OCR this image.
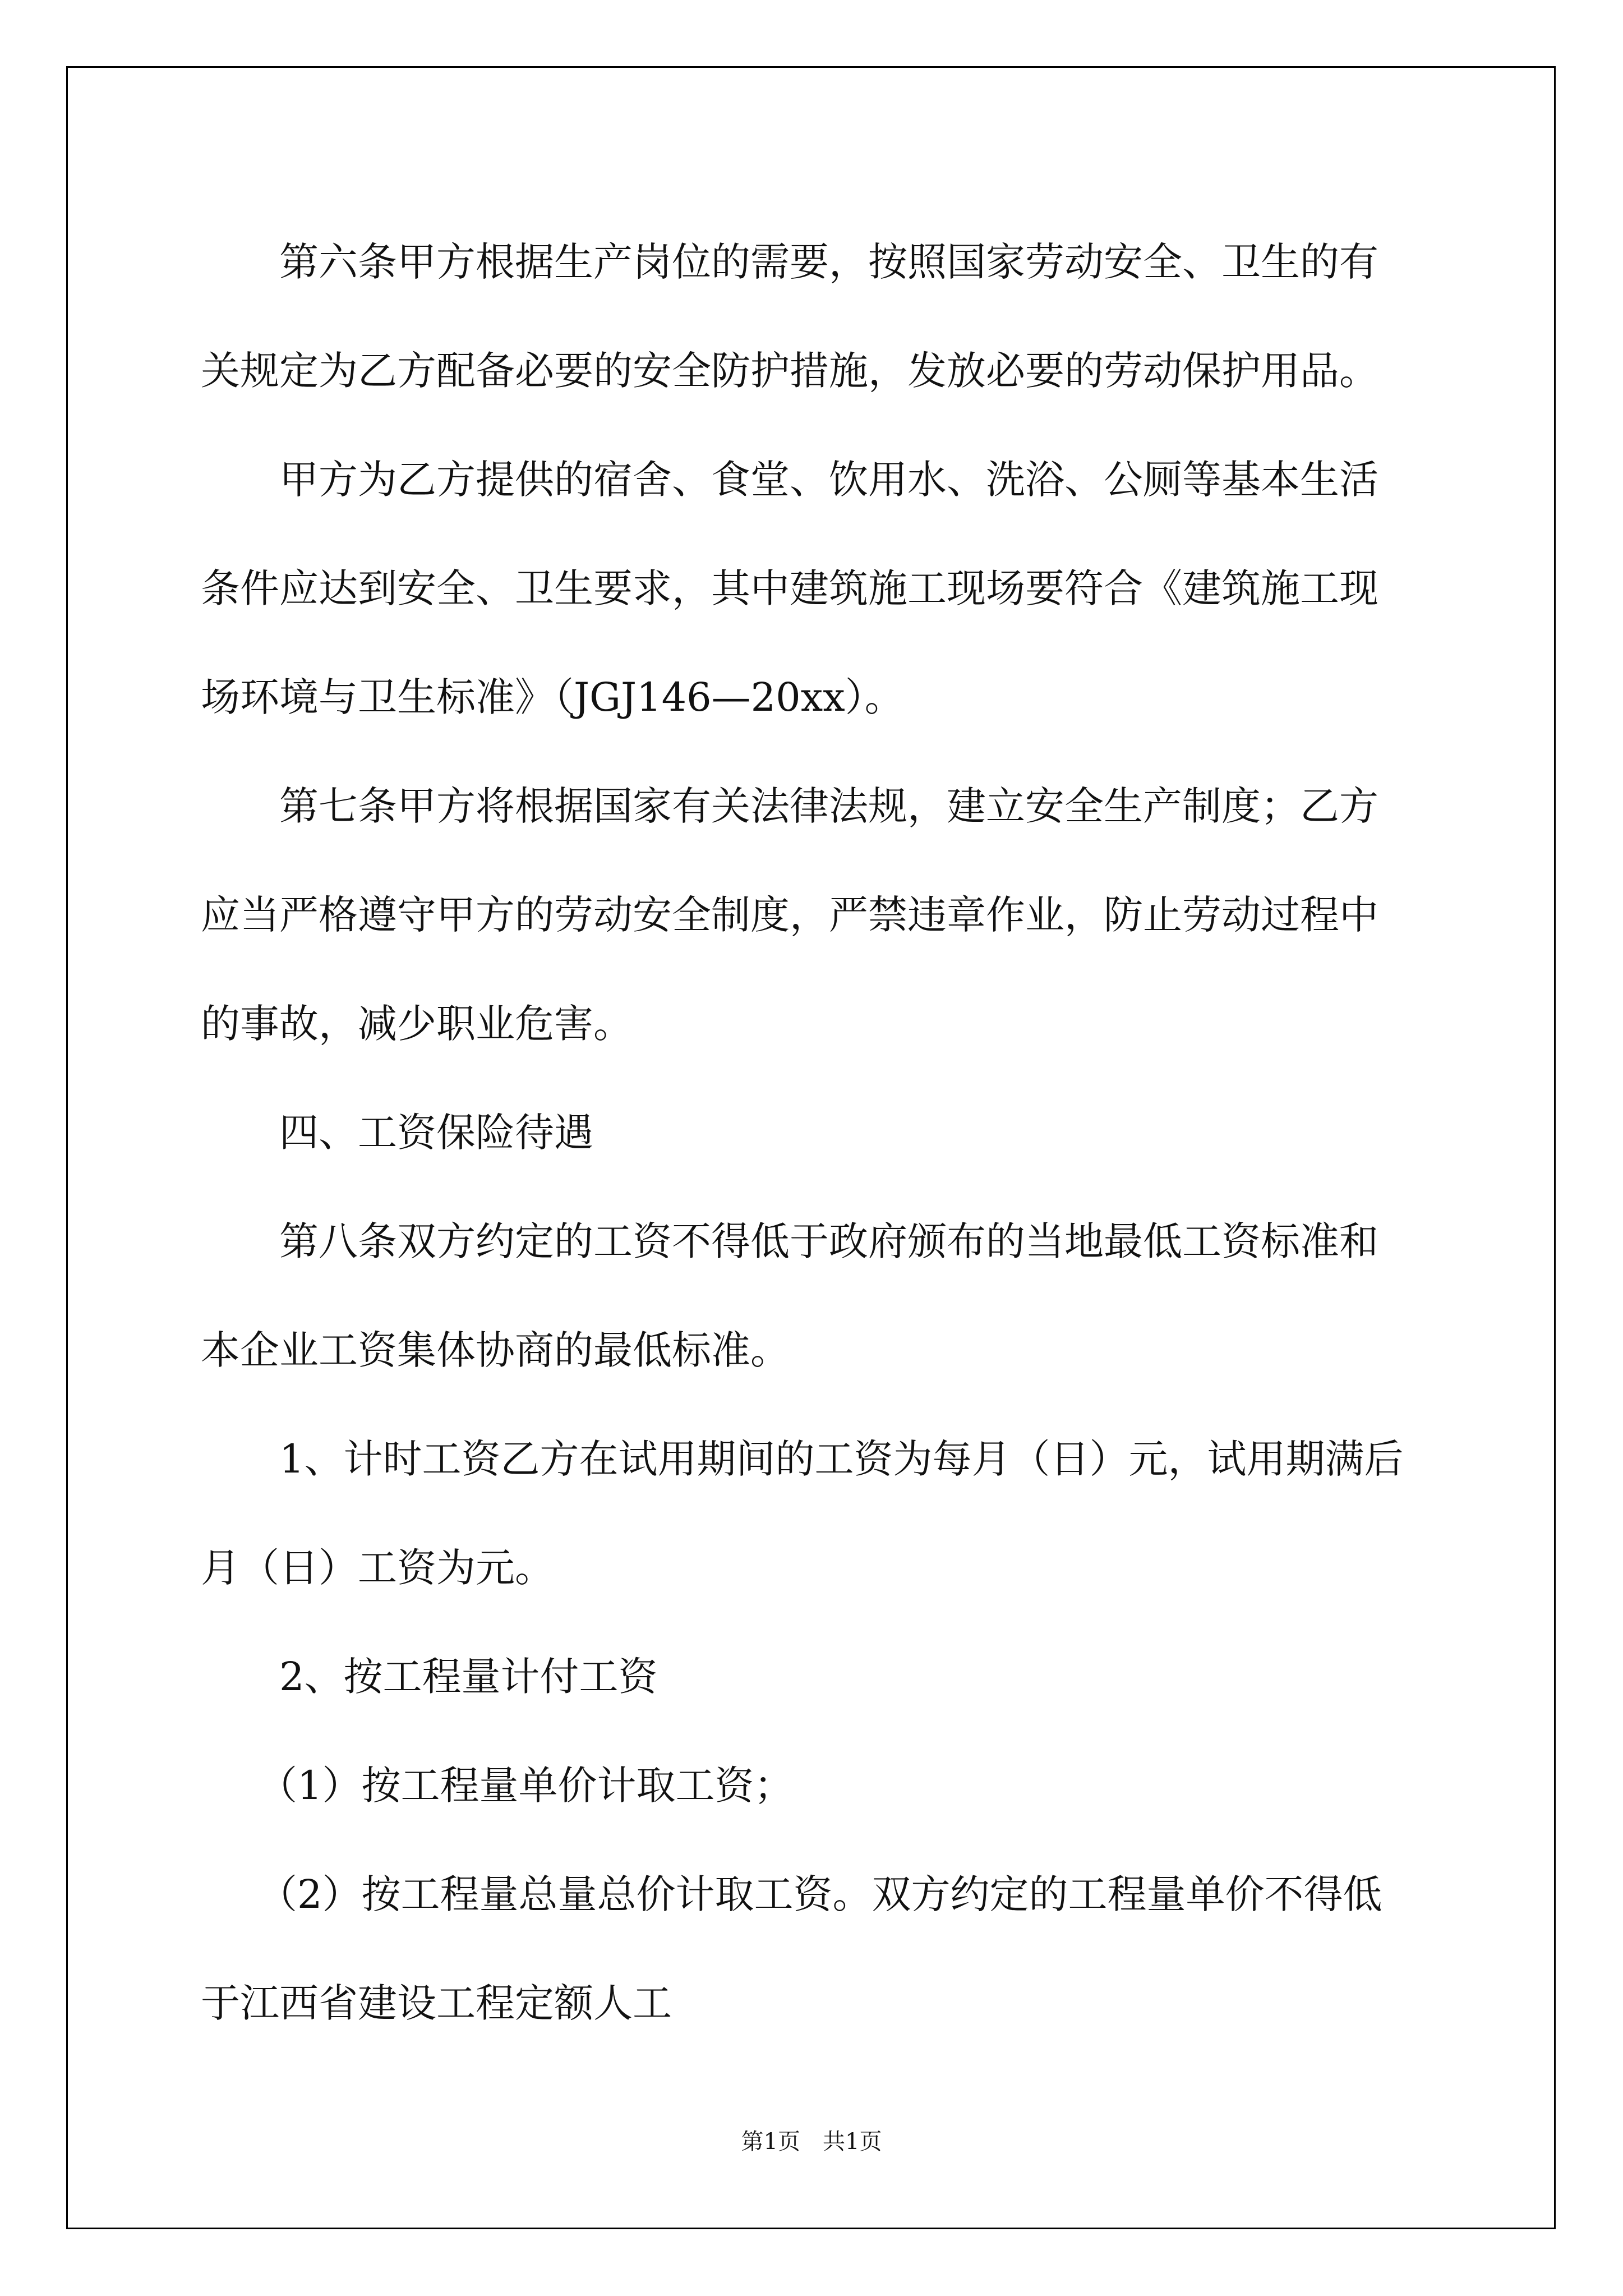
第六条甲方根据生产岗位的需要，按照国家劳动安全、卫生的有
关规定为乙方配备必要的安全防护措施，发放必要的劳动保护用品。
甲方为乙方提供的宿舍、食堂、饮用水、洗浴、公厕等基本生活
条件应达到安全、卫生要求，其中建筑施工现场要符合《建筑施工现
场环境与卫生标准》（JGJ146—20xx）。
第七条甲方将根据国家有关法律法规，建立安全生产制度；乙方
应当严格遵守甲方的劳动安全制度，严禁违章作业，防止劳动过程中
的事故，减少职业危害。
四、工资保险待遇
第八条双方约定的工资不得低于政府颁布的当地最低工资标准和
本企业工资集体协商的最低标准。
1、计时工资乙方在试用期间的工资为每月（日）元，试用期满后
月（日）工资为元。
2、按工程量计付工资
（1）按工程量单价计取工资；
（2）按工程量总量总价计取工资。双方约定的工程量单价不得低
于江西省建设工程定额人工
第1页　共1页
